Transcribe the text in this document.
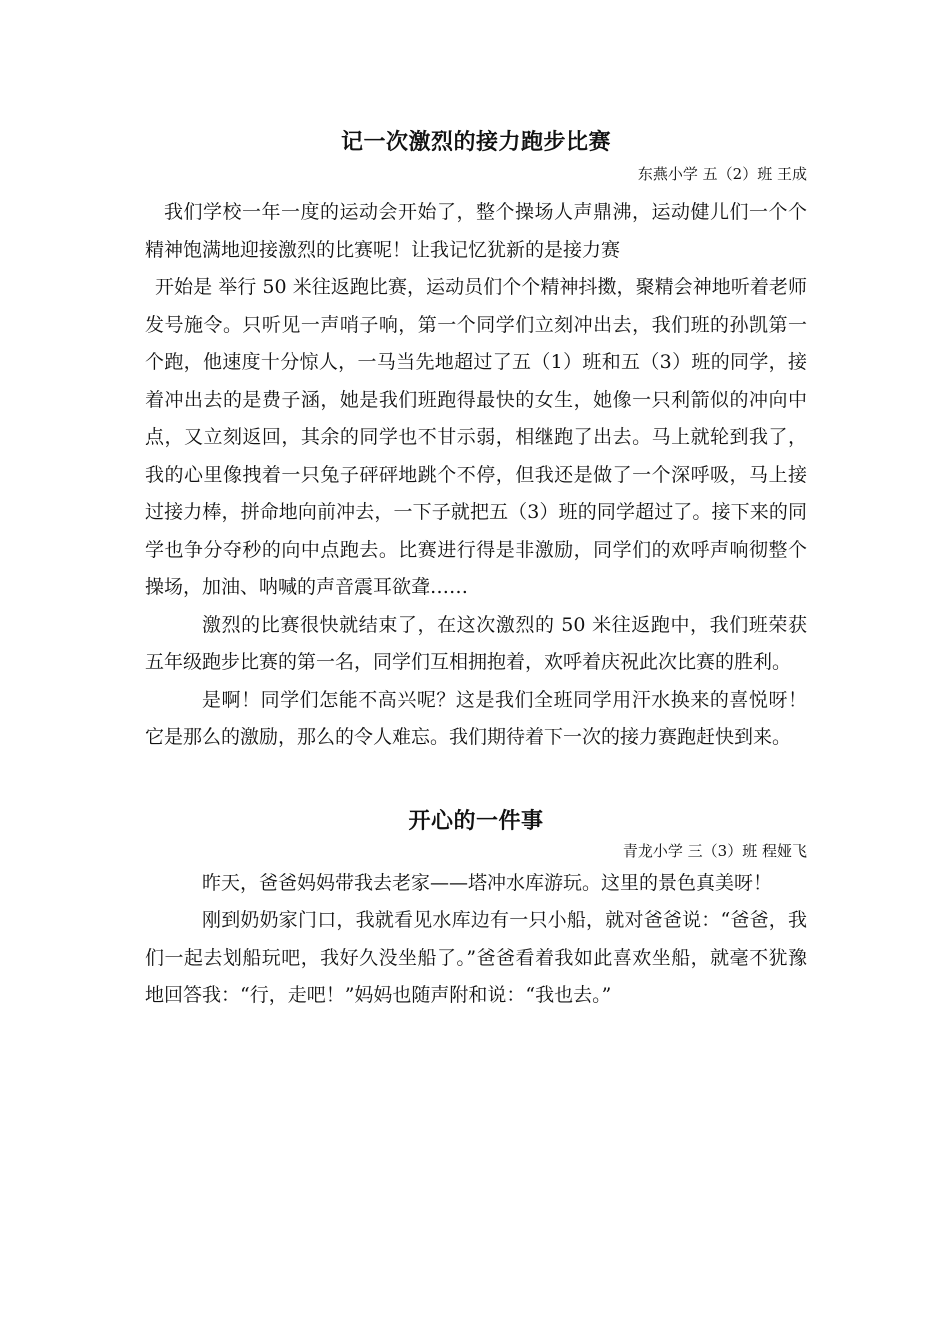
记一次激烈的接力跑步比赛
东燕小学 五（2）班 王成

我们学校一年一度的运动会开始了，整个操场人声鼎沸，运动健儿们一个个精神饱满地迎接激烈的比赛呢！让我记忆犹新的是接力赛

开始是 举行 50 米往返跑比赛，运动员们个个精神抖擞，聚精会神地听着老师发号施令。只听见一声哨子响，第一个同学们立刻冲出去，我们班的孙凯第一个跑，他速度十分惊人，一马当先地超过了五（1）班和五（3）班的同学，接着冲出去的是费子涵，她是我们班跑得最快的女生，她像一只利箭似的冲向中点，又立刻返回，其余的同学也不甘示弱，相继跑了出去。马上就轮到我了，我的心里像拽着一只兔子砰砰地跳个不停，但我还是做了一个深呼吸，马上接过接力棒，拼命地向前冲去，一下子就把五（3）班的同学超过了。接下来的同学也争分夺秒的向中点跑去。比赛进行得是非激励，同学们的欢呼声响彻整个操场，加油、呐喊的声音震耳欲聋……

激烈的比赛很快就结束了，在这次激烈的 50 米往返跑中，我们班荣获五年级跑步比赛的第一名，同学们互相拥抱着，欢呼着庆祝此次比赛的胜利。

是啊！同学们怎能不高兴呢？这是我们全班同学用汗水换来的喜悦呀！它是那么的激励，那么的令人难忘。我们期待着下一次的接力赛跑赶快到来。

开心的一件事
青龙小学 三（3）班 程娅飞

昨天，爸爸妈妈带我去老家——塔冲水库游玩。这里的景色真美呀！

刚到奶奶家门口，我就看见水库边有一只小船，就对爸爸说：“爸爸，我们一起去划船玩吧，我好久没坐船了。”爸爸看着我如此喜欢坐船，就毫不犹豫地回答我：“行，走吧！”妈妈也随声附和说：“我也去。”
